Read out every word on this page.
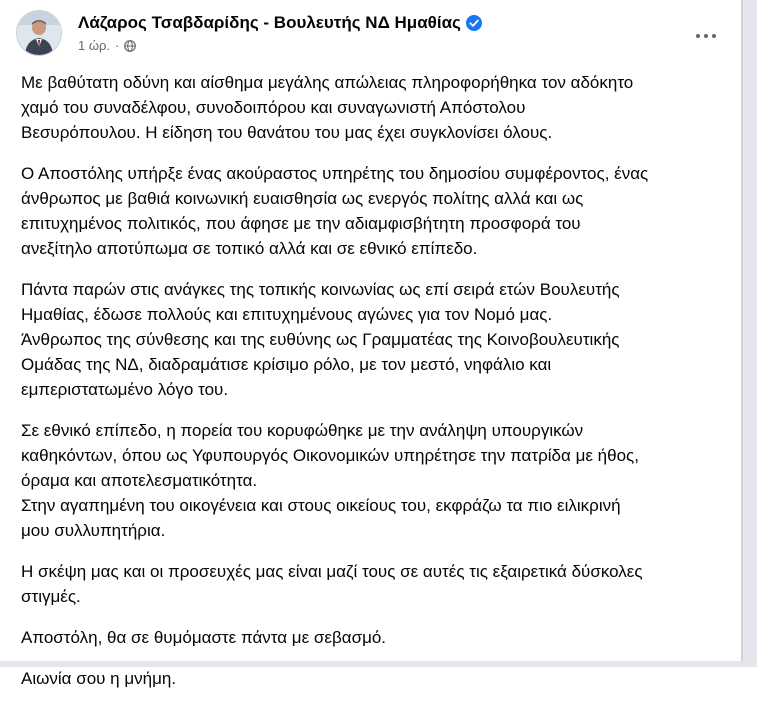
Λάζαρος Τσαβδαρίδης - Βουλευτής ΝΔ Ημαθίας
1 ώρ. ·

Με βαθύτατη οδύνη και αίσθημα μεγάλης απώλειας πληροφορήθηκα τον αδόκητο
χαμό του συναδέλφου, συνοδοιπόρου και συναγωνιστή Απόστολου
Βεσυρόπουλου. Η είδηση του θανάτου του μας έχει συγκλονίσει όλους.

Ο Αποστόλης υπήρξε ένας ακούραστος υπηρέτης του δημοσίου συμφέροντος, ένας
άνθρωπος με βαθιά κοινωνική ευαισθησία ως ενεργός πολίτης αλλά και ως
επιτυχημένος πολιτικός, που άφησε με την αδιαμφισβήτητη προσφορά του
ανεξίτηλο αποτύπωμα σε τοπικό αλλά και σε εθνικό επίπεδο.

Πάντα παρών στις ανάγκες της τοπικής κοινωνίας ως επί σειρά ετών Βουλευτής
Ημαθίας, έδωσε πολλούς και επιτυχημένους αγώνες για τον Νομό μας.
Άνθρωπος της σύνθεσης και της ευθύνης ως Γραμματέας της Κοινοβουλευτικής
Ομάδας της ΝΔ, διαδραμάτισε κρίσιμο ρόλο, με τον μεστό, νηφάλιο και
εμπεριστατωμένο λόγο του.

Σε εθνικό επίπεδο, η πορεία του κορυφώθηκε με την ανάληψη υπουργικών
καθηκόντων, όπου ως Υφυπουργός Οικονομικών υπηρέτησε την πατρίδα με ήθος,
όραμα και αποτελεσματικότητα.
Στην αγαπημένη του οικογένεια και στους οικείους του, εκφράζω τα πιο ειλικρινή
μου συλλυπητήρια.

Η σκέψη μας και οι προσευχές μας είναι μαζί τους σε αυτές τις εξαιρετικά δύσκολες
στιγμές.

Αποστόλη, θα σε θυμόμαστε πάντα με σεβασμό.

Αιωνία σου η μνήμη.
